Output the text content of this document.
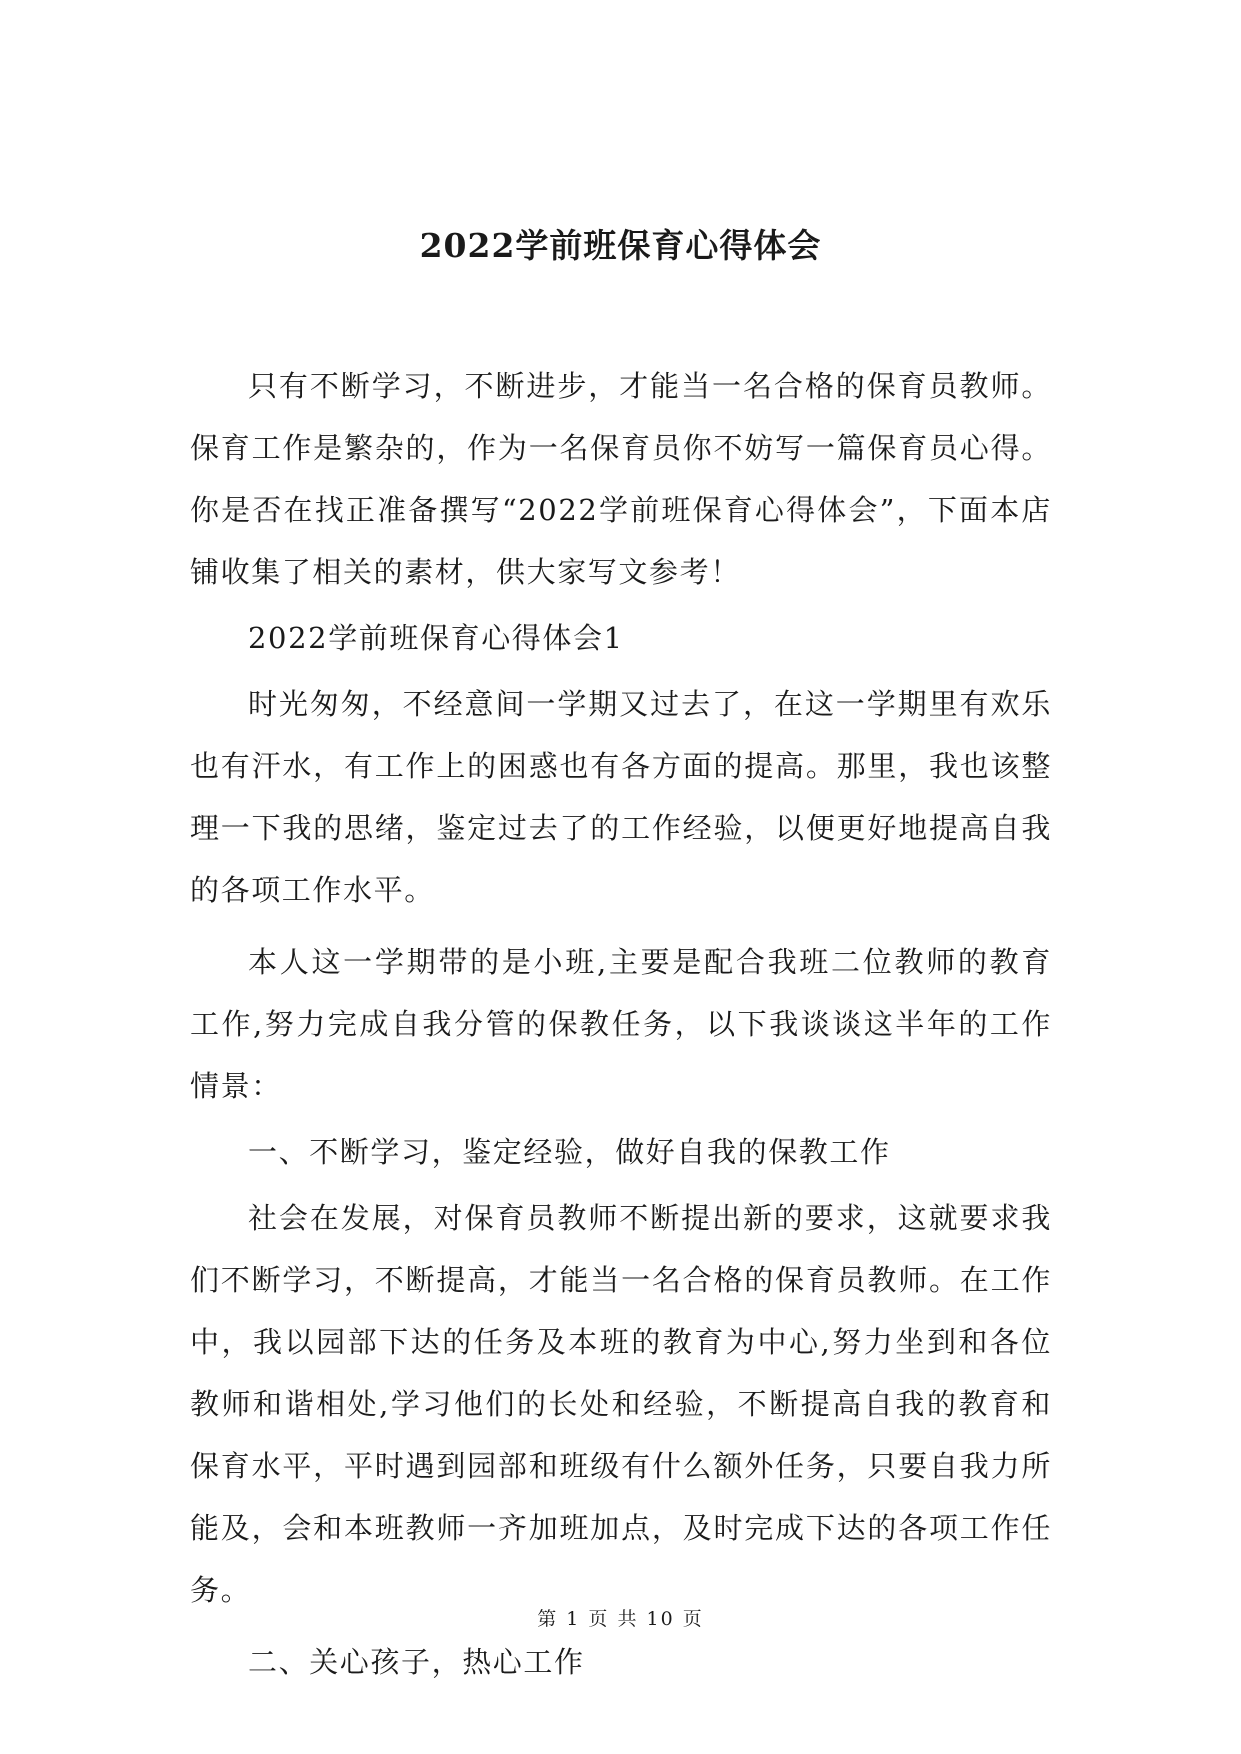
2022学前班保育心得体会

只有不断学习，不断进步，才能当一名合格的保育员教师。保育工作是繁杂的，作为一名保育员你不妨写一篇保育员心得。你是否在找正准备撰写“2022学前班保育心得体会”，下面本店铺收集了相关的素材，供大家写文参考！

2022学前班保育心得体会1

时光匆匆，不经意间一学期又过去了，在这一学期里有欢乐也有汗水，有工作上的困惑也有各方面的提高。那里，我也该整理一下我的思绪，鉴定过去了的工作经验，以便更好地提高自我的各项工作水平。

本人这一学期带的是小班,主要是配合我班二位教师的教育工作,努力完成自我分管的保教任务，以下我谈谈这半年的工作情景：

一、不断学习，鉴定经验，做好自我的保教工作

社会在发展，对保育员教师不断提出新的要求，这就要求我们不断学习，不断提高，才能当一名合格的保育员教师。在工作中，我以园部下达的任务及本班的教育为中心,努力坐到和各位教师和谐相处,学习他们的长处和经验，不断提高自我的教育和保育水平，平时遇到园部和班级有什么额外任务，只要自我力所能及，会和本班教师一齐加班加点，及时完成下达的各项工作任务。

二、关心孩子，热心工作

第 1 页 共 10 页
